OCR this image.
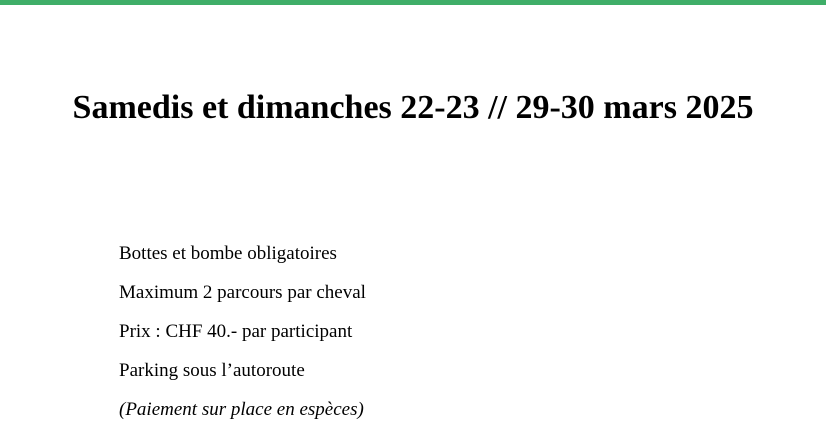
Samedis et dimanches 22-23 // 29-30 mars 2025
Bottes et bombe obligatoires
Maximum 2 parcours par cheval
Prix : CHF 40.- par participant
Parking sous l’autoroute
(Paiement sur place en espèces)
